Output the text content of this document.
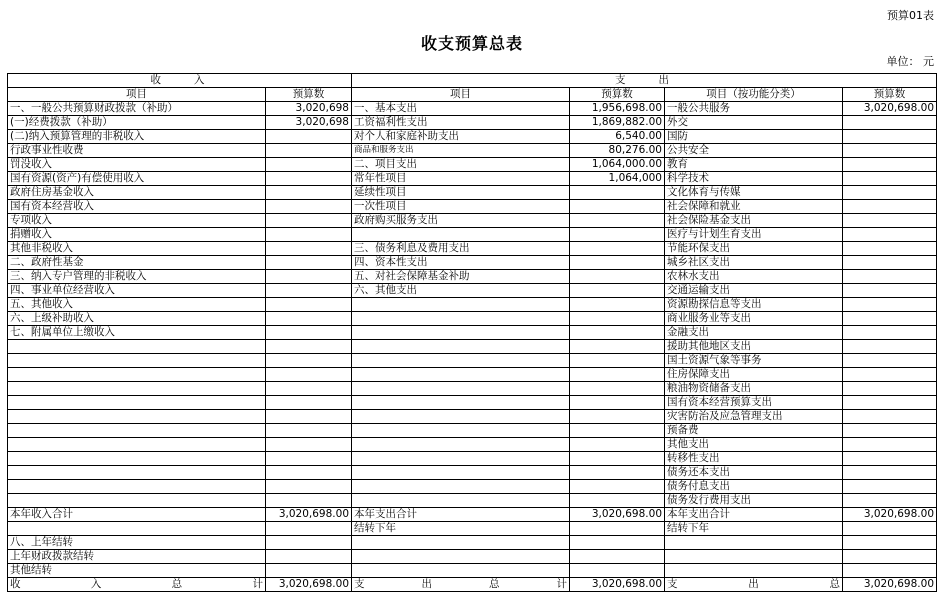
预算01表
收支预算总表
单位： 元
收　　入		支　　出			
项目	预算数	项目	预算数	项目（按功能分类）	预算数
一、一般公共预算财政拨款（补助）	3,020,698	一、基本支出	1,956,698.00	一般公共服务	3,020,698.00
(一)经费拨款（补助）	3,020,698	工资福利性支出	1,869,882.00	外交	
(二)纳入预算管理的非税收入		对个人和家庭补助支出	6,540.00	国防	
行政事业性收费		商品和服务支出	80,276.00	公共安全	
罚没收入		二、项目支出	1,064,000.00	教育	
国有资源(资产)有偿使用收入		常年性项目	1,064,000	科学技术	
政府住房基金收入		延续性项目		文化体育与传媒	
国有资本经营收入		一次性项目		社会保障和就业	
专项收入		政府购买服务支出		社会保险基金支出	
捐赠收入				医疗与计划生育支出	
其他非税收入		三、债务利息及费用支出		节能环保支出	
二、政府性基金		四、资本性支出		城乡社区支出	
三、纳入专户管理的非税收入		五、对社会保障基金补助		农林水支出	
四、事业单位经营收入		六、其他支出		交通运输支出	
五、其他收入				资源勘探信息等支出	
六、上级补助收入				商业服务业等支出	
七、附属单位上缴收入				金融支出	
				援助其他地区支出	
				国土资源气象等事务	
				住房保障支出	
				粮油物资储备支出	
				国有资本经营预算支出	
				灾害防治及应急管理支出	
				预备费	
				其他支出	
				转移性支出	
				债务还本支出	
				债务付息支出	
				债务发行费用支出	
本年收入合计	3,020,698.00	本年支出合计	3,020,698.00	本年支出合计	3,020,698.00
		结转下年		结转下年	
八、上年结转					
上年财政拨款结转					
其他结转					
收　入　总　计	3,020,698.00	支　出　总　计	3,020,698.00	支　出　总	3,020,698.00
